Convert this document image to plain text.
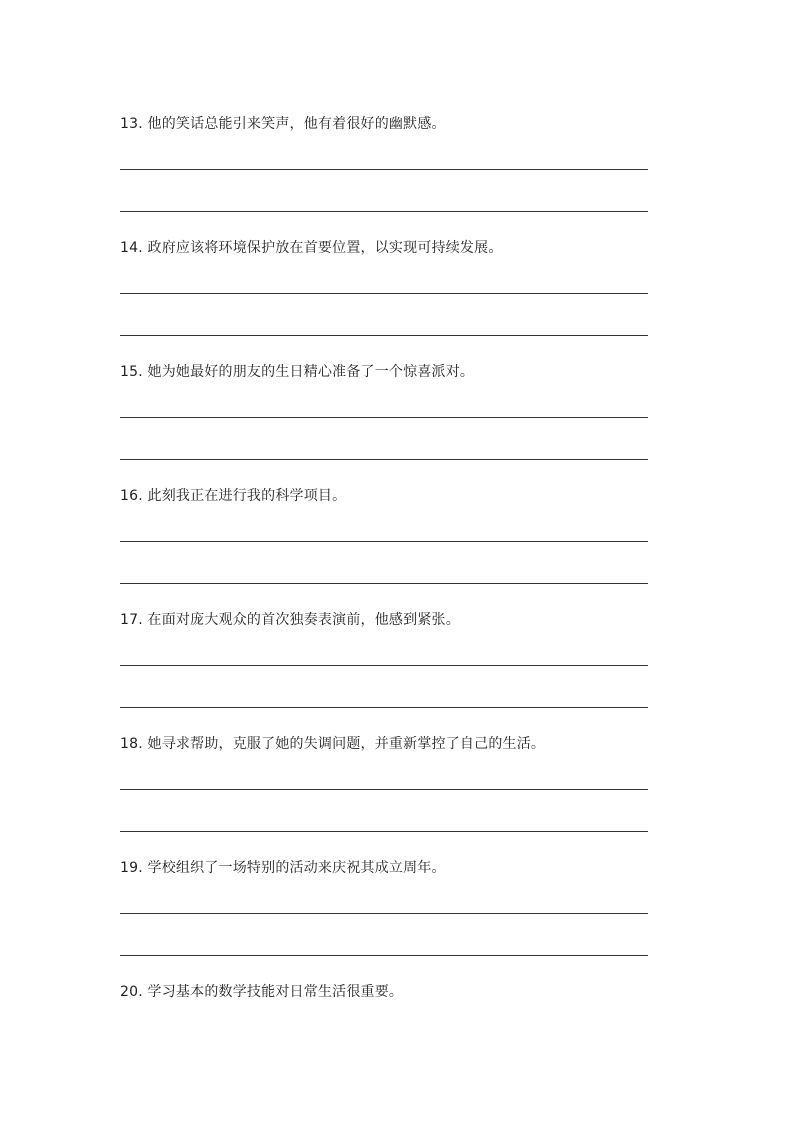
13. 他的笑话总能引来笑声，他有着很好的幽默感。
14. 政府应该将环境保护放在首要位置，以实现可持续发展。
15. 她为她最好的朋友的生日精心准备了一个惊喜派对。
16. 此刻我正在进行我的科学项目。
17. 在面对庞大观众的首次独奏表演前，他感到紧张。
18. 她寻求帮助，克服了她的失调问题，并重新掌控了自己的生活。
19. 学校组织了一场特别的活动来庆祝其成立周年。
20. 学习基本的数学技能对日常生活很重要。
